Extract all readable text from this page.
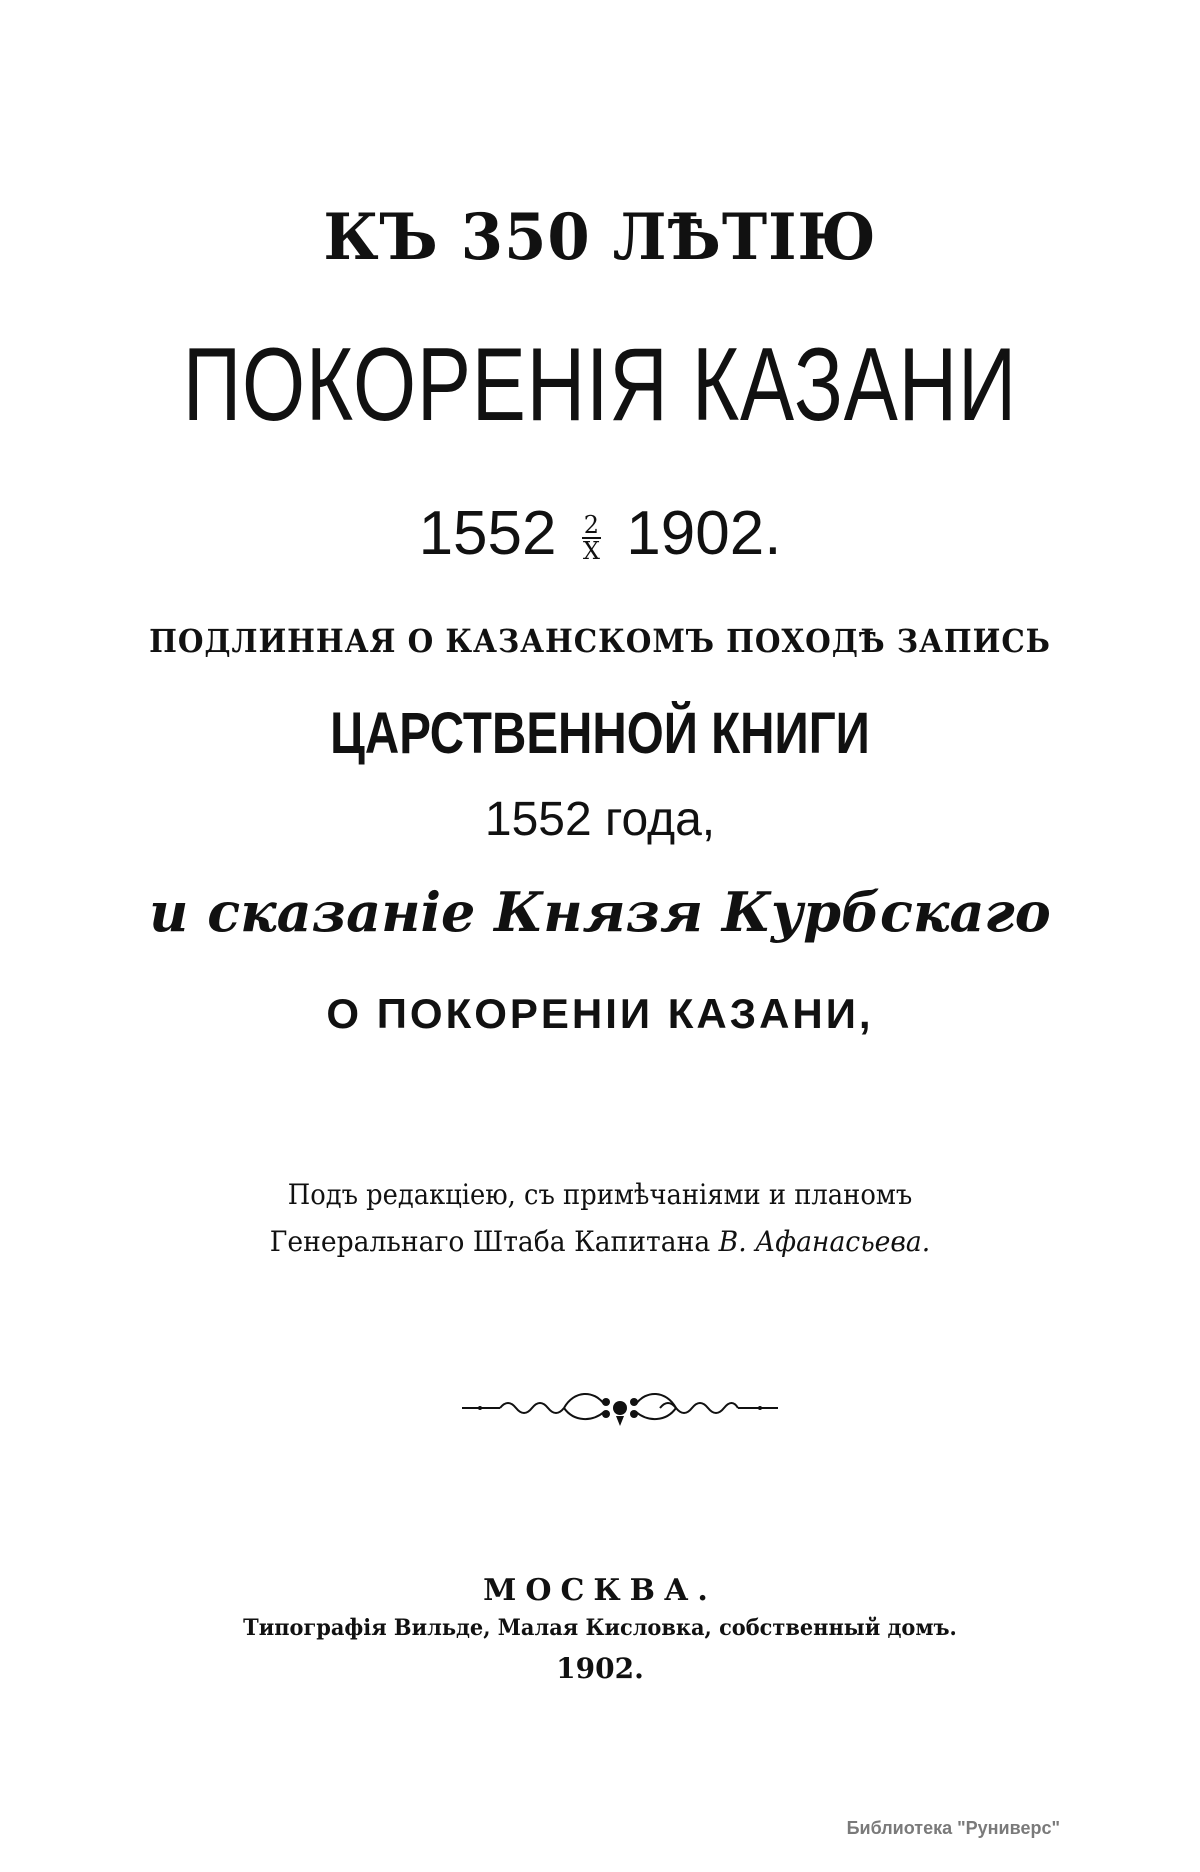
КЪ 350 ЛѢТІЮ
ПОКОРЕНІЯ КАЗАНИ
$1552 \frac{2}{X} 1902$.
ПОДЛИННАЯ О КАЗАНСКОМЪ ПОХОДѢ ЗАПИСЬ
ЦАРСТВЕННОЙ КНИГИ
1552 года,
и сказаніе Князя Курбскаго
О ПОКОРЕНІИ КАЗАНИ,
Подъ редакціею, съ примѣчаніями и планомъ
Генеральнаго Штаба Капитана В. Афанасьева.
МОСКВА.
Типографія Вильде, Малая Кисловка, собственный домъ.
1902.
Библиотека "Руниверс"
